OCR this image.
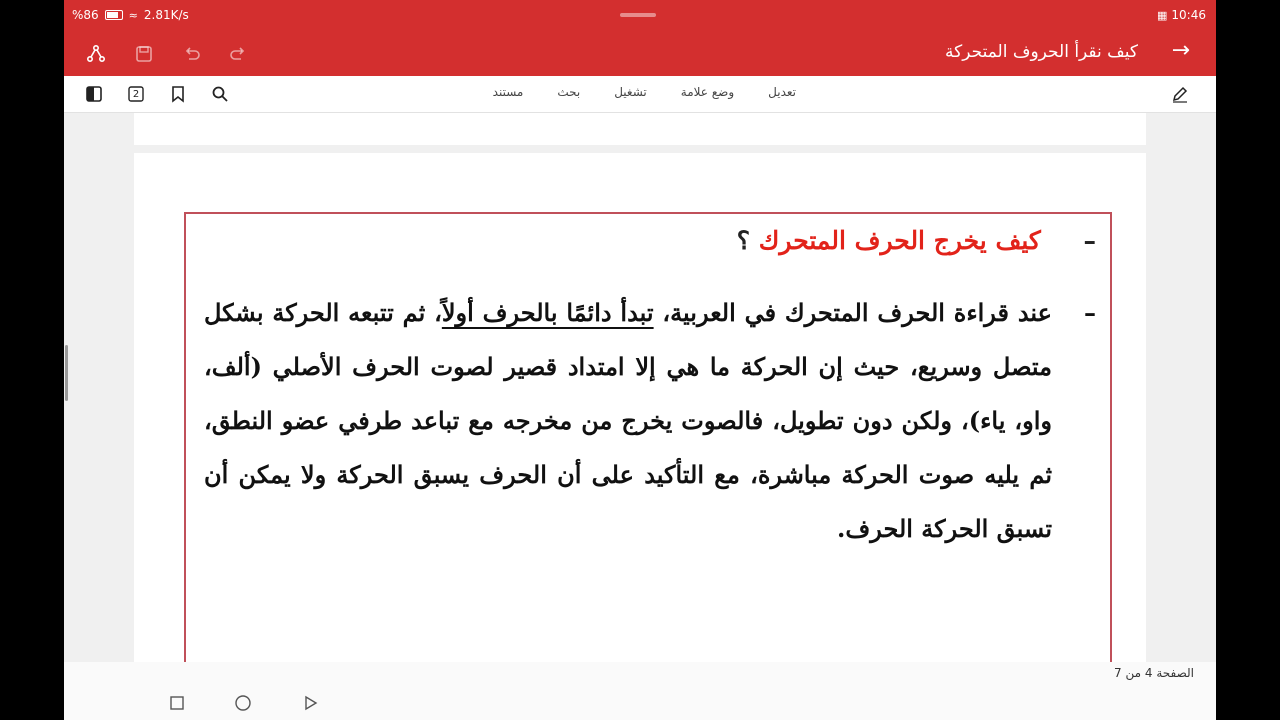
%86	≈ 2.81K/s	▦ 10:46
كيف نقرأ الحروف المتحركة →
2	مستند	بحث	تشغيل	وضع علامة	تعديل
– كيف يخرج الحرف المتحرك ؟
–
عند قراءة الحرف المتحرك في العربية، تبدأ دائمًا بالحرف أولاً، ثم تتبعه الحركة بشكل متصل وسريع، حيث إن الحركة ما هي إلا امتداد قصير لصوت الحرف الأصلي (ألف، واو، ياء)، ولكن دون تطويل، فالصوت يخرج من مخرجه مع تباعد طرفي عضو النطق، ثم يليه صوت الحركة مباشرة، مع التأكيد على أن الحرف يسبق الحركة ولا يمكن أن تسبق الحركة الحرف.
الصفحة 4 من 7
